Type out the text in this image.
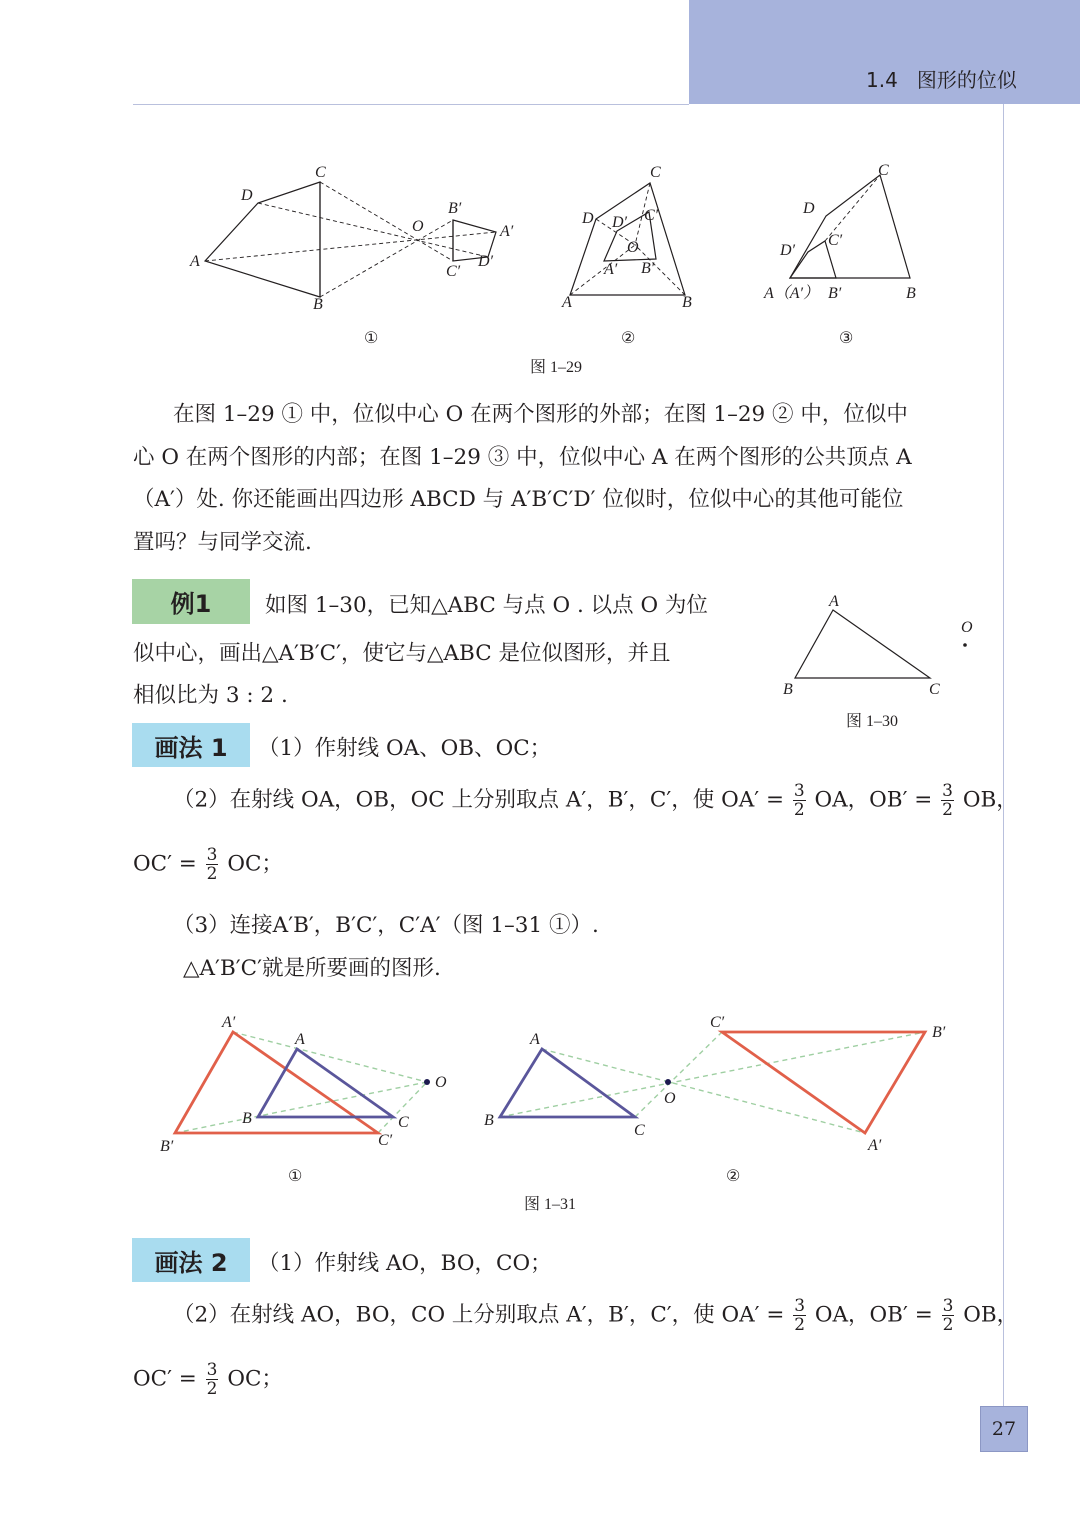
1.4 图形的位似
A
B
C
D
O	A′
B′
C′
D′
A	B
C
D
O
A′ B′
C′
D′
A（A′） B′	B
C
C′
D
D′
①	②	③
图 1–29
在图 1–29 ① 中，位似中心 O 在两个图形的外部；在图 1–29 ② 中，位似中
心 O 在两个图形的内部；在图 1–29 ③ 中，位似中心 A 在两个图形的公共顶点 A
（A′）处. 你还能画出四边形 ABCD 与 A′B′C′D′ 位似时，位似中心的其他可能位
置吗？与同学交流.
例1	如图 1–30，已知△ABC 与点 O . 以点 O 为位
似中心，画出△A′B′C′，使它与△ABC 是位似图形，并且
相似比为 3 : 2 .
A
B	C
O
图 1–30
画法 1	（1）作射线 OA、OB、OC；
（2）在射线 OA，OB，OC 上分别取点 A′，B′，C′，使 $OA' = \frac{3}{2}$ OA，$OB' = \frac{3}{2}$ OB，
$OC' = \frac{3}{2}$ OC；
（3）连接A′B′，B′C′，C′A′（图 1–31 ①）.
△A′B′C′就是所要画的图形.
A′
A
O
B	C
B′	C′
A
B
C
O
C′
B′
A′
①	②
图 1–31
画法 2	（1）作射线 AO，BO，CO；
（2）在射线 AO，BO，CO 上分别取点 A′，B′，C′，使 $OA' = \frac{3}{2}$ OA，$OB' = \frac{3}{2}$ OB，
$OC' = \frac{3}{2}$ OC；
27
